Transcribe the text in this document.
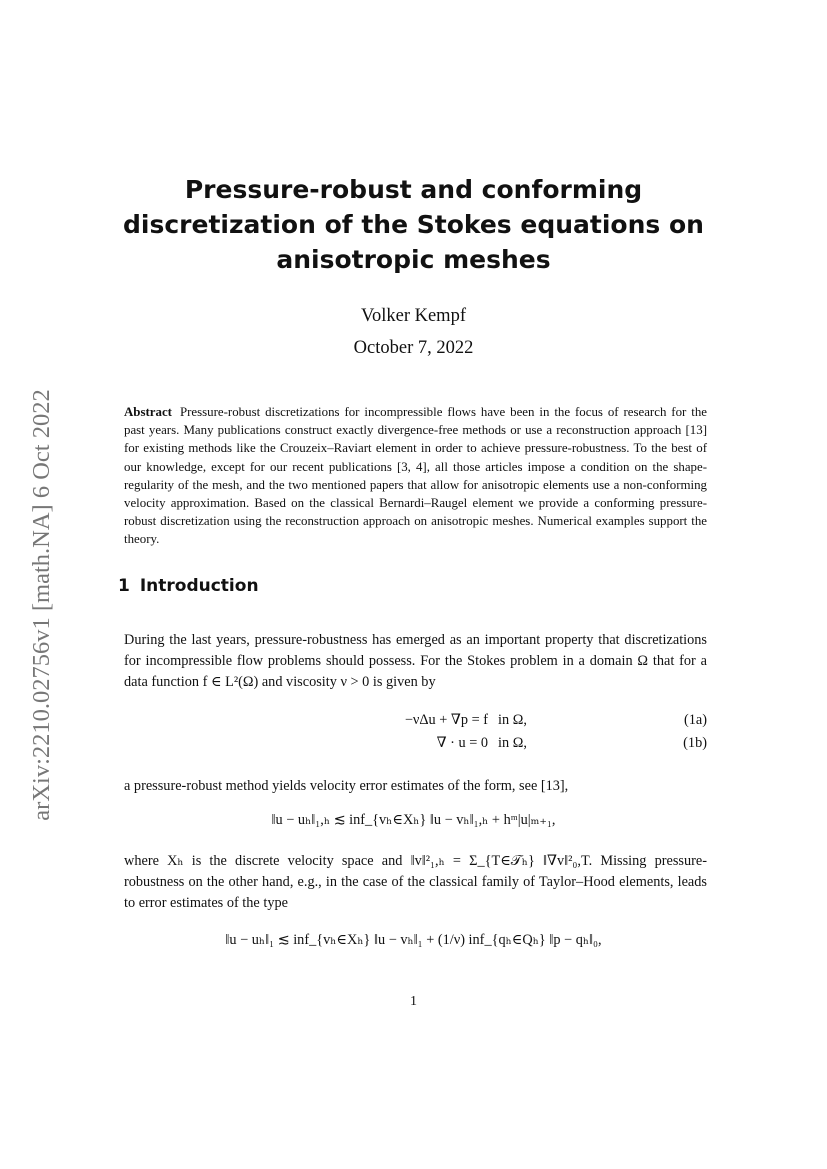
arXiv:2210.02756v1 [math.NA] 6 Oct 2022
Pressure-robust and conforming
discretization of the Stokes equations on
anisotropic meshes
Volker Kempf
October 7, 2022
Abstract Pressure-robust discretizations for incompressible flows have been in the focus of research for the past years. Many publications construct exactly divergence-free methods or use a reconstruction approach [13] for existing methods like the Crouzeix–Raviart element in order to achieve pressure-robustness. To the best of our knowledge, except for our recent publications [3, 4], all those articles impose a condition on the shape-regularity of the mesh, and the two mentioned papers that allow for anisotropic elements use a non-conforming velocity approximation. Based on the classical Bernardi–Raugel element we provide a conforming pressure-robust discretization using the reconstruction approach on anisotropic meshes. Numerical examples support the theory.
1 Introduction
During the last years, pressure-robustness has emerged as an important property that discretizations for incompressible flow problems should possess. For the Stokes problem in a domain Ω that for a data function f ∈ L²(Ω) and viscosity ν > 0 is given by
−νΔu + ∇p = f in Ω,	(1a)
∇ · u = 0 in Ω,	(1b)
a pressure-robust method yields velocity error estimates of the form, see [13],
‖u − uₕ‖₁,ₕ ≲ inf_{vₕ∈Xₕ} ‖u − vₕ‖₁,ₕ + hᵐ|u|ₘ₊₁,
where Xₕ is the discrete velocity space and ‖v‖²₁,ₕ = Σ_{T∈𝒯ₕ} ‖∇v‖²₀,T. Missing pressure-robustness on the other hand, e.g., in the case of the classical family of Taylor–Hood elements, leads to error estimates of the type
‖u − uₕ‖₁ ≲ inf_{vₕ∈Xₕ} ‖u − vₕ‖₁ + (1/ν) inf_{qₕ∈Qₕ} ‖p − qₕ‖₀,
1
